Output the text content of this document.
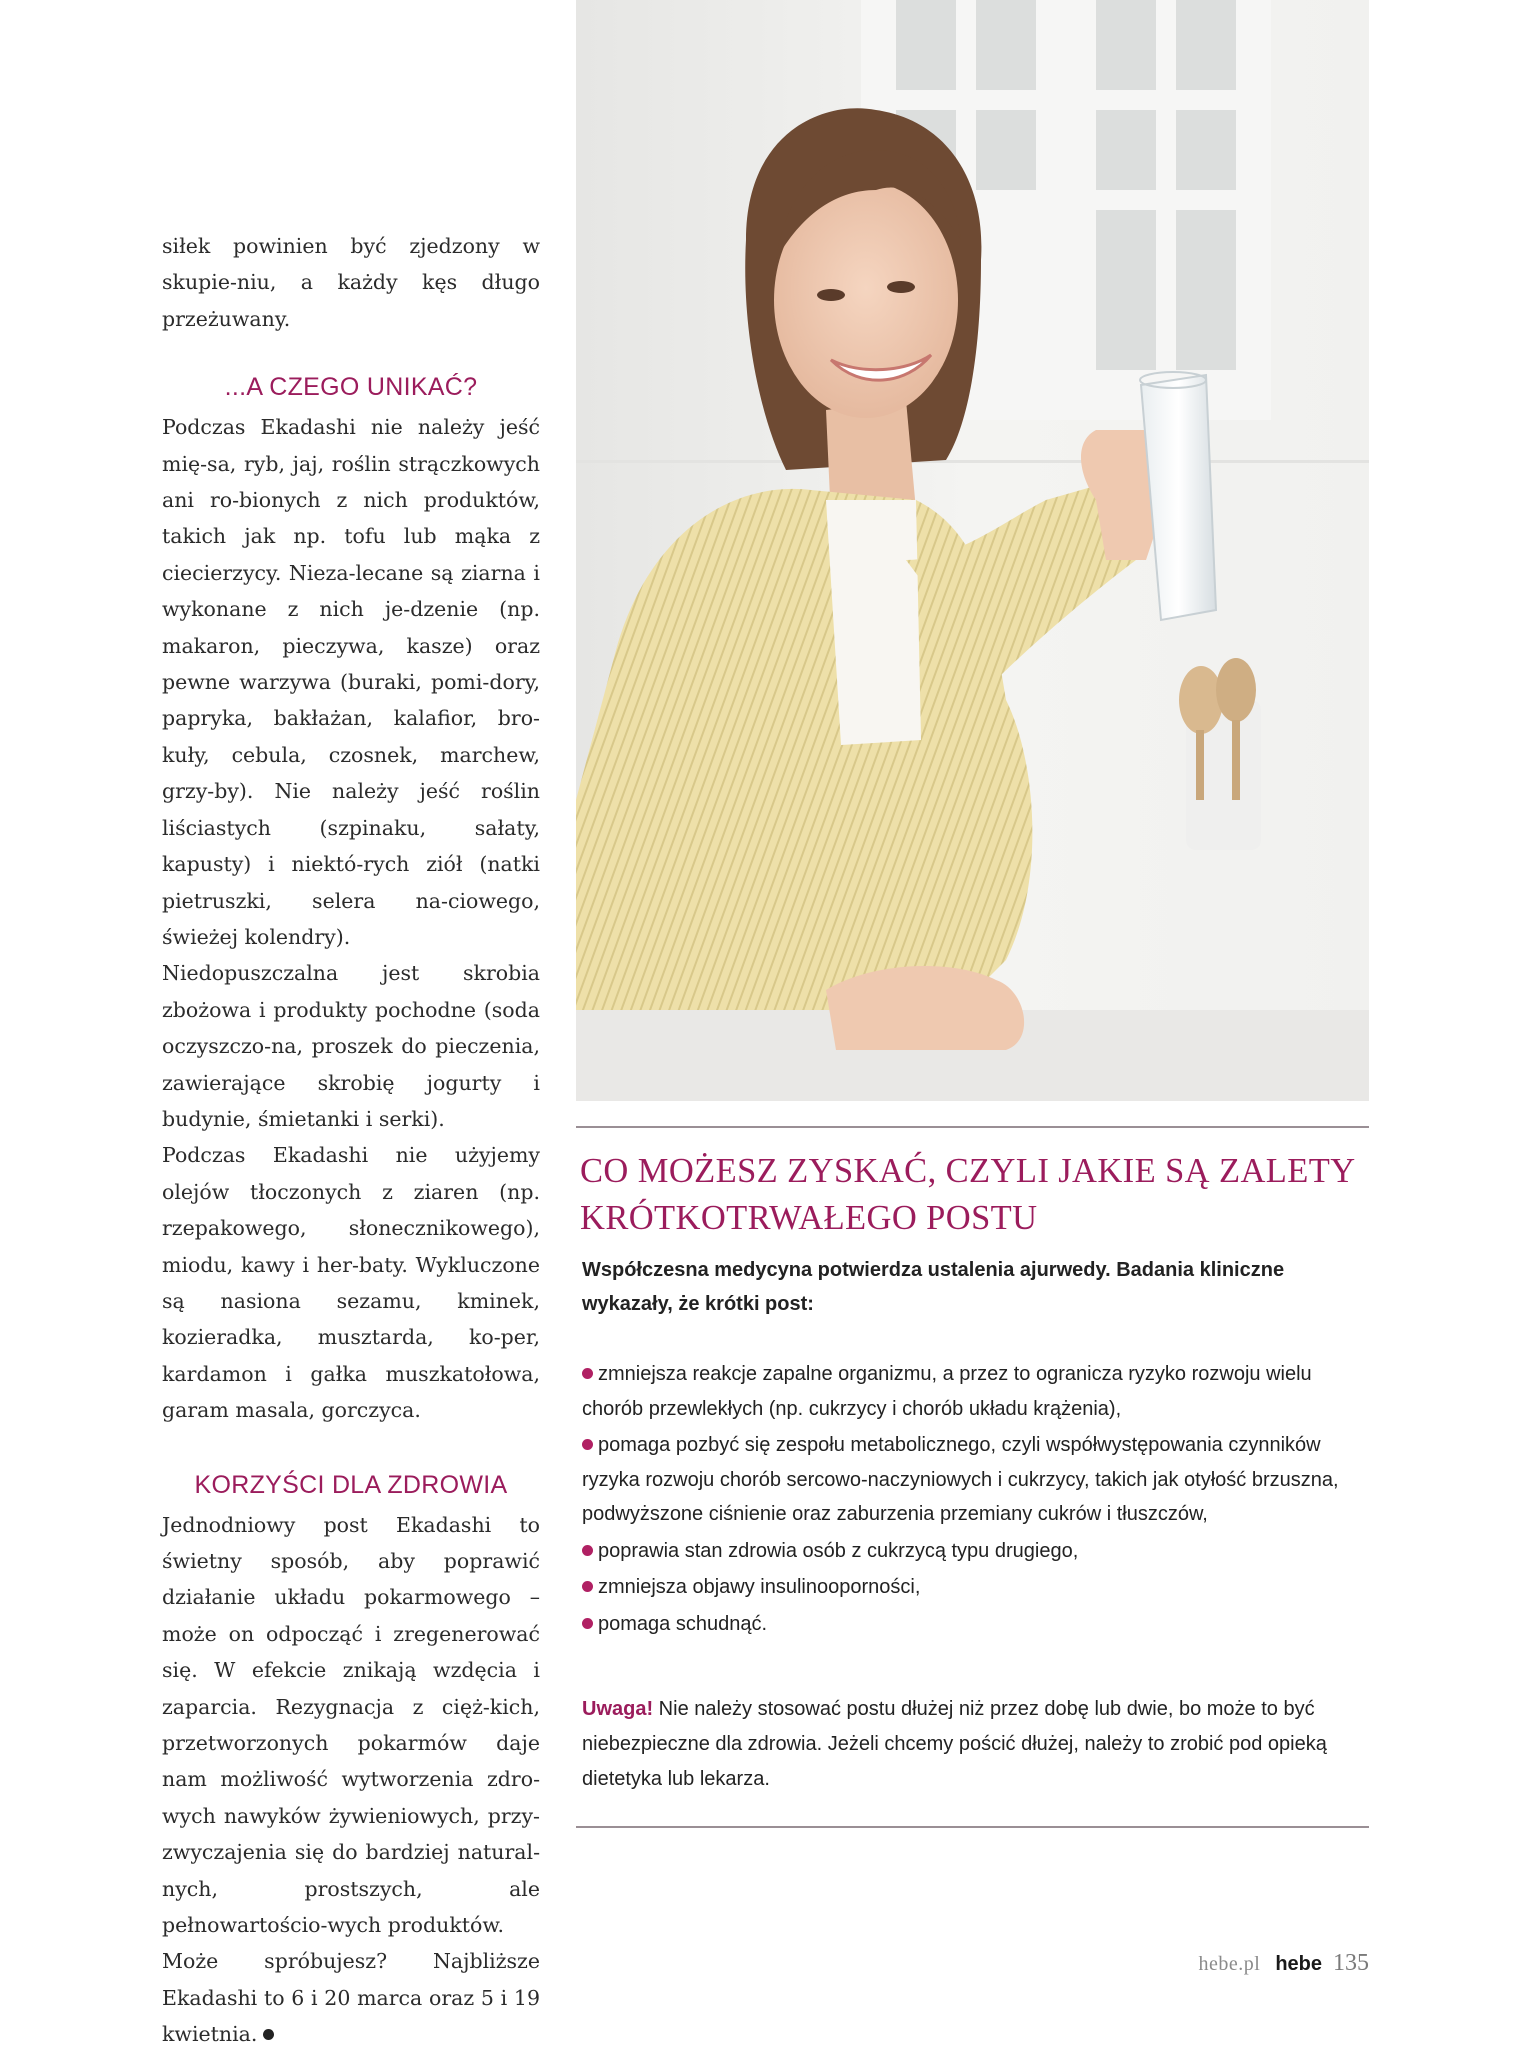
siłek powinien być zjedzony w skupie-niu, a każdy kęs długo przeżuwany.

...A CZEGO UNIKAĆ?

Podczas Ekadashi nie należy jeść mię-sa, ryb, jaj, roślin strączkowych ani ro-bionych z nich produktów, takich jak np. tofu lub mąka z ciecierzycy. Nieza-lecane są ziarna i wykonane z nich je-dzenie (np. makaron, pieczywa, kasze) oraz pewne warzywa (buraki, pomi-dory, papryka, bakłażan, kalafior, bro-kuły, cebula, czosnek, marchew, grzy-by). Nie należy jeść roślin liściastych (szpinaku, sałaty, kapusty) i niektó-rych ziół (natki pietruszki, selera na-ciowego, świeżej kolendry).

Niedopuszczalna jest skrobia zbożowa i produkty pochodne (soda oczyszczo-na, proszek do pieczenia, zawierające skrobię jogurty i budynie, śmietanki i serki).

Podczas Ekadashi nie użyjemy olejów tłoczonych z ziaren (np. rzepakowego, słonecznikowego), miodu, kawy i her-baty. Wykluczone są nasiona sezamu, kminek, kozieradka, musztarda, ko-per, kardamon i gałka muszkatołowa, garam masala, gorczyca.

KORZYŚCI DLA ZDROWIA

Jednodniowy post Ekadashi to świetny sposób, aby poprawić działanie układu pokarmowego – może on odpocząć i zregenerować się. W efekcie znikają wzdęcia i zaparcia. Rezygnacja z cięż-kich, przetworzonych pokarmów daje nam możliwość wytworzenia zdro-wych nawyków żywieniowych, przy-zwyczajenia się do bardziej natural-nych, prostszych, ale pełnowartościo-wych produktów.

Może spróbujesz? Najbliższe Ekadashi to 6 i 20 marca oraz 5 i 19 kwietnia.

CO MOŻESZ ZYSKAĆ, CZYLI JAKIE SĄ ZALETY KRÓTKOTRWAŁEGO POSTU

Współczesna medycyna potwierdza ustalenia ajurwedy. Badania kliniczne wykazały, że krótki post:

zmniejsza reakcje zapalne organizmu, a przez to ogranicza ryzyko rozwoju wielu chorób przewlekłych (np. cukrzycy i chorób układu krążenia),
pomaga pozbyć się zespołu metabolicznego, czyli współwystępowania czynników ryzyka rozwoju chorób sercowo-naczyniowych i cukrzycy, takich jak otyłość brzuszna, podwyższone ciśnienie oraz zaburzenia przemiany cukrów i tłuszczów,
poprawia stan zdrowia osób z cukrzycą typu drugiego,
zmniejsza objawy insulinooporności,
pomaga schudnąć.

Uwaga! Nie należy stosować postu dłużej niż przez dobę lub dwie, bo może to być niebezpieczne dla zdrowia. Jeżeli chcemy pościć dłużej, należy to zrobić pod opieką dietetyka lub lekarza.

hebe.pl hebe 135
